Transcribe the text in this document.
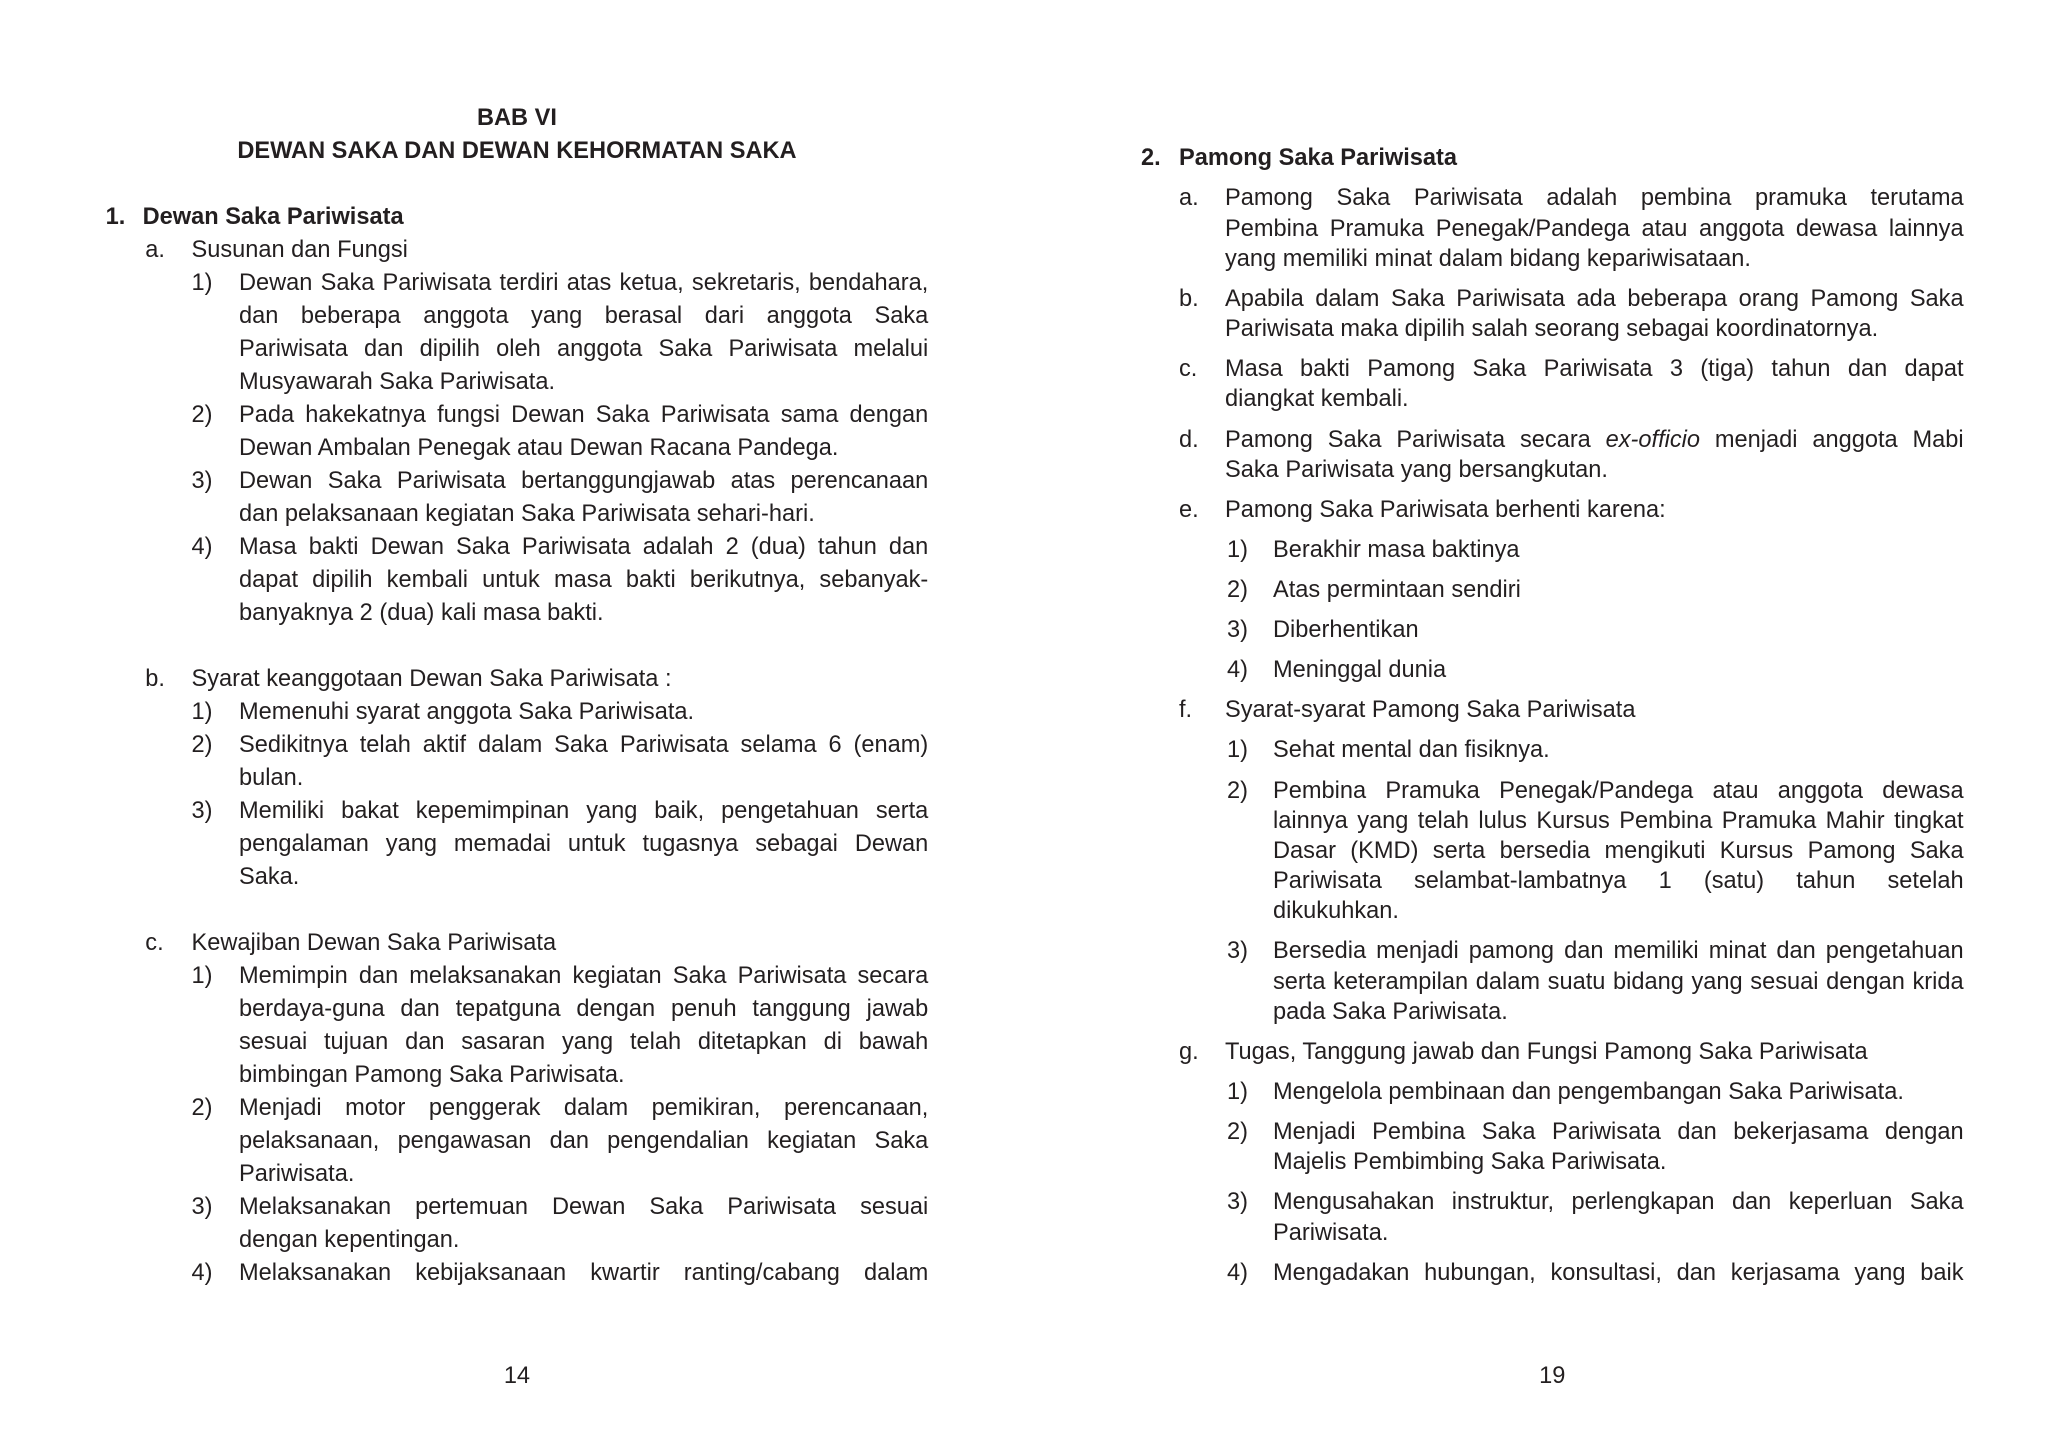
BAB VI
DEWAN SAKA DAN DEWAN KEHORMATAN SAKA
1. Dewan Saka Pariwisata
a. Susunan dan Fungsi
1) Dewan Saka Pariwisata terdiri atas ketua, sekretaris, bendahara,
dan beberapa anggota yang berasal dari anggota Saka
Pariwisata dan dipilih oleh anggota Saka Pariwisata melalui
Musyawarah Saka Pariwisata.
2) Pada hakekatnya fungsi Dewan Saka Pariwisata sama dengan
Dewan Ambalan Penegak atau Dewan Racana Pandega.
3) Dewan Saka Pariwisata bertanggungjawab atas perencanaan
dan pelaksanaan kegiatan Saka Pariwisata sehari-hari.
4) Masa bakti Dewan Saka Pariwisata adalah 2 (dua) tahun dan
dapat dipilih kembali untuk masa bakti berikutnya, sebanyak-
banyaknya 2 (dua) kali masa bakti.
b. Syarat keanggotaan Dewan Saka Pariwisata :
1) Memenuhi syarat anggota Saka Pariwisata.
2) Sedikitnya telah aktif dalam Saka Pariwisata selama 6 (enam)
bulan.
3) Memiliki bakat kepemimpinan yang baik, pengetahuan serta
pengalaman yang memadai untuk tugasnya sebagai Dewan
Saka.
c. Kewajiban Dewan Saka Pariwisata
1) Memimpin dan melaksanakan kegiatan Saka Pariwisata secara
berdaya-guna dan tepatguna dengan penuh tanggung jawab
sesuai tujuan dan sasaran yang telah ditetapkan di bawah
bimbingan Pamong Saka Pariwisata.
2) Menjadi motor penggerak dalam pemikiran, perencanaan,
pelaksanaan, pengawasan dan pengendalian kegiatan Saka
Pariwisata.
3) Melaksanakan pertemuan Dewan Saka Pariwisata sesuai
dengan kepentingan.
4) Melaksanakan kebijaksanaan kwartir ranting/cabang dalam
14
2. Pamong Saka Pariwisata
a. Pamong Saka Pariwisata adalah pembina pramuka terutama
Pembina Pramuka Penegak/Pandega atau anggota dewasa lainnya
yang memiliki minat dalam bidang kepariwisataan.
b. Apabila dalam Saka Pariwisata ada beberapa orang Pamong Saka
Pariwisata maka dipilih salah seorang sebagai koordinatornya.
c. Masa bakti Pamong Saka Pariwisata 3 (tiga) tahun dan dapat
diangkat kembali.
d. Pamong Saka Pariwisata secara ex-officio menjadi anggota Mabi
Saka Pariwisata yang bersangkutan.
e. Pamong Saka Pariwisata berhenti karena:
1) Berakhir masa baktinya
2) Atas permintaan sendiri
3) Diberhentikan
4) Meninggal dunia
f. Syarat-syarat Pamong Saka Pariwisata
1) Sehat mental dan fisiknya.
2) Pembina Pramuka Penegak/Pandega atau anggota dewasa
lainnya yang telah lulus Kursus Pembina Pramuka Mahir tingkat
Dasar (KMD) serta bersedia mengikuti Kursus Pamong Saka
Pariwisata selambat-lambatnya 1 (satu) tahun setelah
dikukuhkan.
3) Bersedia menjadi pamong dan memiliki minat dan pengetahuan
serta keterampilan dalam suatu bidang yang sesuai dengan krida
pada Saka Pariwisata.
g. Tugas, Tanggung jawab dan Fungsi Pamong Saka Pariwisata
1) Mengelola pembinaan dan pengembangan Saka Pariwisata.
2) Menjadi Pembina Saka Pariwisata dan bekerjasama dengan
Majelis Pembimbing Saka Pariwisata.
3) Mengusahakan instruktur, perlengkapan dan keperluan Saka
Pariwisata.
4) Mengadakan hubungan, konsultasi, dan kerjasama yang baik
19
